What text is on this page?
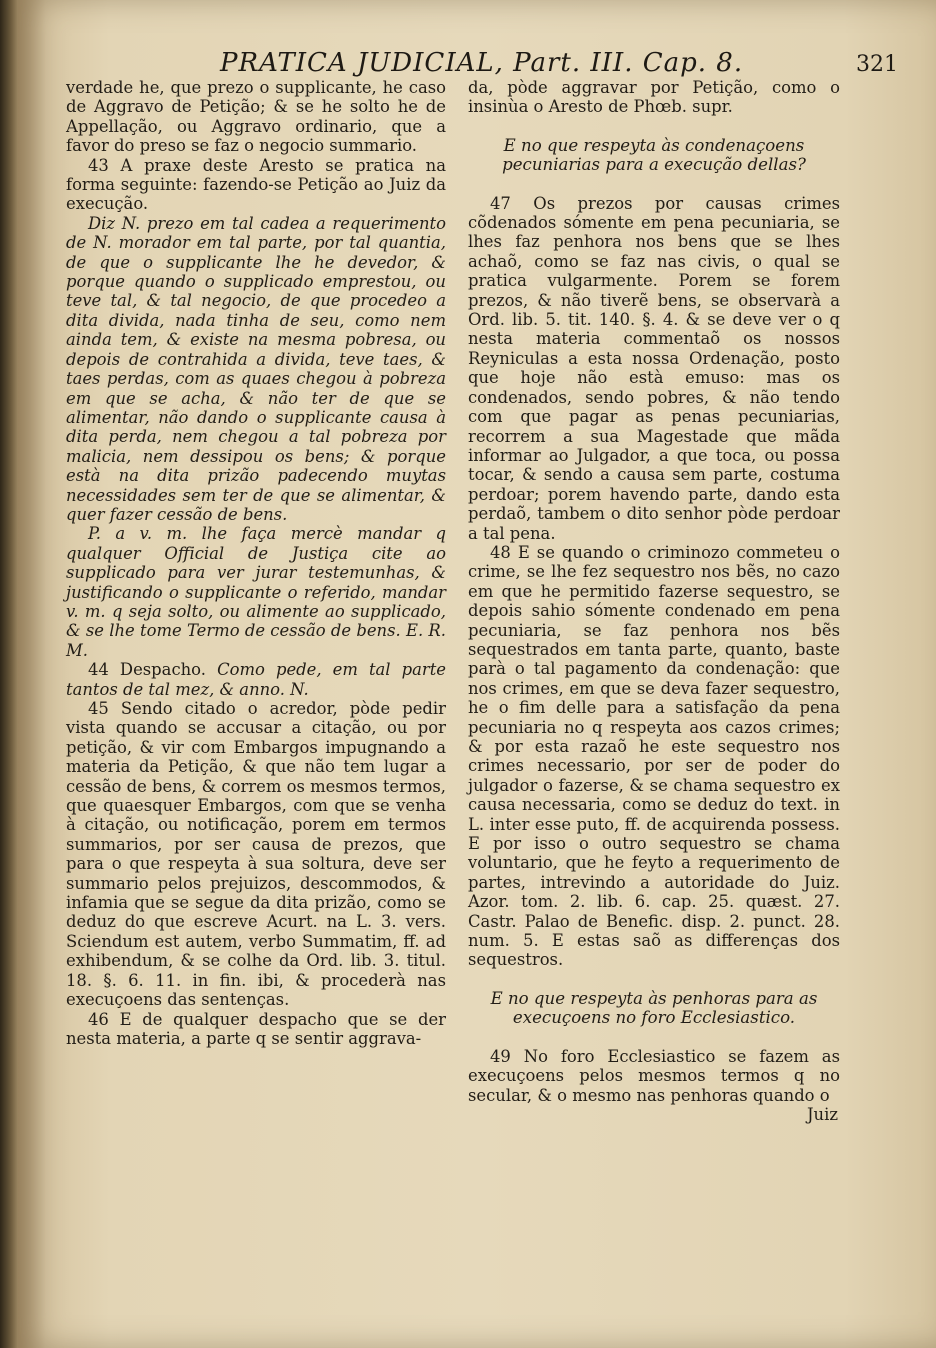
PRATICA JUDICIAL, Part. III. Cap. 8.	321

verdade he, que prezo o supplicante, he caso de Aggravo de Petição; & se he solto he de Appellação, ou Aggravo ordinario, que a favor do preso se faz o negocio summario.

43 A praxe deste Aresto se pratica na forma seguinte: fazendo-se Petição ao Juiz da execução.

Diz N. prezo em tal cadea a requerimento de N. morador em tal parte, por tal quantia, de que o supplicante lhe he devedor, & porque quando o supplicado emprestou, ou teve tal, & tal negocio, de que procedeo a dita divida, nada tinha de seu, como nem ainda tem, & existe na mesma pobresa, ou depois de contrahida a divida, teve taes, & taes perdas, com as quaes chegou à pobreza em que se acha, & não ter de que se alimentar, não dando o supplicante causa à dita perda, nem chegou a tal pobreza por malicia, nem dessipou os bens; & porque està na dita prizão padecendo muytas necessidades sem ter de que se alimentar, & quer fazer cessão de bens.

P. a v. m. lhe faça mercè mandar q qualquer Official de Justiça cite ao supplicado para ver jurar testemunhas, & justificando o supplicante o referido, mandar v. m. q seja solto, ou alimente ao supplicado, & se lhe tome Termo de cessão de bens. E. R. M.

44 Despacho. Como pede, em tal parte tantos de tal mez, & anno. N.

45 Sendo citado o acredor, pòde pedir vista quando se accusar a citação, ou por petição, & vir com Embargos impugnando a materia da Petição, & que não tem lugar a cessão de bens, & correm os mesmos termos, que quaesquer Embargos, com que se venha à citação, ou notificação, porem em termos summarios, por ser causa de prezos, que para o que respeyta à sua soltura, deve ser summario pelos prejuizos, descommodos, & infamia que se segue da dita prizão, como se deduz do que escreve Acurt. na L. 3. vers. Sciendum est autem, verbo Summatim, ff. ad exhibendum, & se colhe da Ord. lib. 3. titul. 18. §. 6. 11. in fin. ibi, & procederà nas execuçoens das sentenças.

46 E de qualquer despacho que se der nesta materia, a parte q se sentir aggrava-

da, pòde aggravar por Petição, como o insinùa o Aresto de Phœb. supr.

E no que respeyta às condenaçoens pecuniarias para a execução dellas?

47 Os prezos por causas crimes cõdenados sómente em pena pecuniaria, se lhes faz penhora nos bens que se lhes achaõ, como se faz nas civis, o qual se pratica vulgarmente. Porem se forem prezos, & não tiverẽ bens, se observarà a Ord. lib. 5. tit. 140. §. 4. & se deve ver o q nesta materia commentaõ os nossos Reyniculas a esta nossa Ordenação, posto que hoje não està emuso: mas os condenados, sendo pobres, & não tendo com que pagar as penas pecuniarias, recorrem a sua Magestade que mãda informar ao Julgador, a que toca, ou possa tocar, & sendo a causa sem parte, costuma perdoar; porem havendo parte, dando esta perdaõ, tambem o dito senhor pòde perdoar a tal pena.

48 E se quando o criminozo commeteu o crime, se lhe fez sequestro nos bẽs, no cazo em que he permitido fazerse sequestro, se depois sahio sómente condenado em pena pecuniaria, se faz penhora nos bẽs sequestrados em tanta parte, quanto, baste parà o tal pagamento da condenação: que nos crimes, em que se deva fazer sequestro, he o fim delle para a satisfação da pena pecuniaria no q respeyta aos cazos crimes; & por esta razaõ he este sequestro nos crimes necessario, por ser de poder do julgador o fazerse, & se chama sequestro ex causa necessaria, como se deduz do text. in L. inter esse puto, ff. de acquirenda possess. E por isso o outro sequestro se chama voluntario, que he feyto a requerimento de partes, intrevindo a autoridade do Juiz. Azor. tom. 2. lib. 6. cap. 25. quæst. 27. Castr. Palao de Benefic. disp. 2. punct. 28. num. 5. E estas saõ as differenças dos sequestros.

E no que respeyta às penhoras para as execuçoens no foro Ecclesiastico.

49 No foro Ecclesiastico se fazem as execuçoens pelos mesmos termos q no secular, & o mesmo nas penhoras quando o

Juiz
